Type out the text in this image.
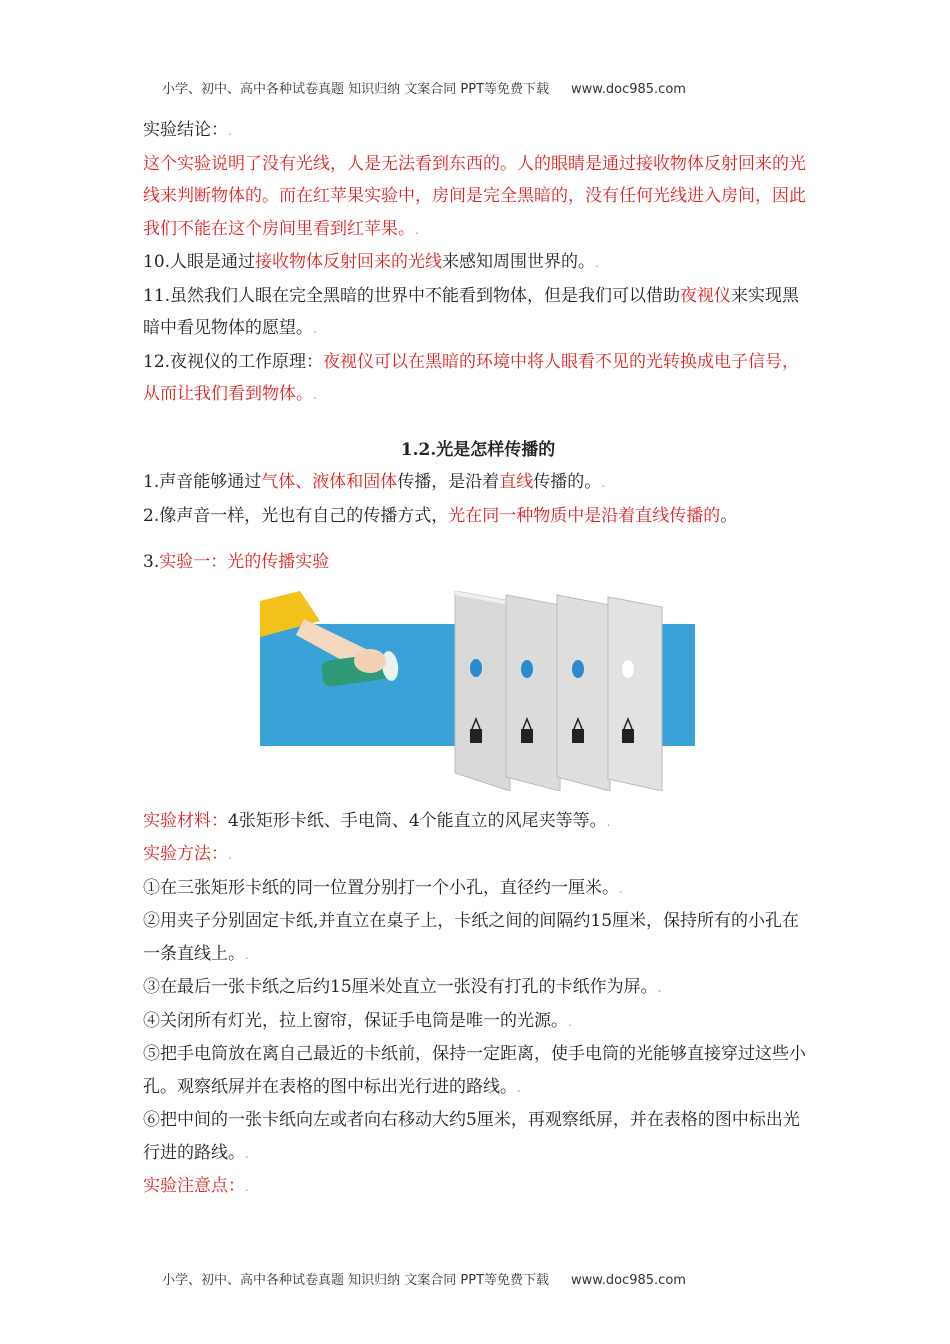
小学、初中、高中各种试卷真题 知识归纳 文案合同 PPT等免费下载 www.doc985.com

实验结论：.

这个实验说明了没有光线，人是无法看到东西的。人的眼睛是通过接收物体反射回来的光线来判断物体的。而在红苹果实验中，房间是完全黑暗的，没有任何光线进入房间，因此我们不能在这个房间里看到红苹果。.

10.人眼是通过接收物体反射回来的光线来感知周围世界的。.

11.虽然我们人眼在完全黑暗的世界中不能看到物体，但是我们可以借助夜视仪来实现黑暗中看见物体的愿望。.

12.夜视仪的工作原理：夜视仪可以在黑暗的环境中将人眼看不见的光转换成电子信号，从而让我们看到物体。.

1.2.光是怎样传播的

1.声音能够通过气体、液体和固体传播，是沿着直线传播的。.

2.像声音一样，光也有自己的传播方式，光在同一种物质中是沿着直线传播的。

3.实验一：光的传播实验

实验材料：4张矩形卡纸、手电筒、4个能直立的风尾夹等等。.

实验方法：.

①在三张矩形卡纸的同一位置分别打一个小孔，直径约一厘米。.

②用夹子分别固定卡纸,并直立在桌子上，卡纸之间的间隔约15厘米，保持所有的小孔在一条直线上。.

③在最后一张卡纸之后约15厘米处直立一张没有打孔的卡纸作为屏。.

④关闭所有灯光，拉上窗帘，保证手电筒是唯一的光源。.

⑤把手电筒放在离自己最近的卡纸前，保持一定距离，使手电筒的光能够直接穿过这些小孔。观察纸屏并在表格的图中标出光行进的路线。.

⑥把中间的一张卡纸向左或者向右移动大约5厘米，再观察纸屏，并在表格的图中标出光行进的路线。.

实验注意点：.

小学、初中、高中各种试卷真题 知识归纳 文案合同 PPT等免费下载 www.doc985.com
